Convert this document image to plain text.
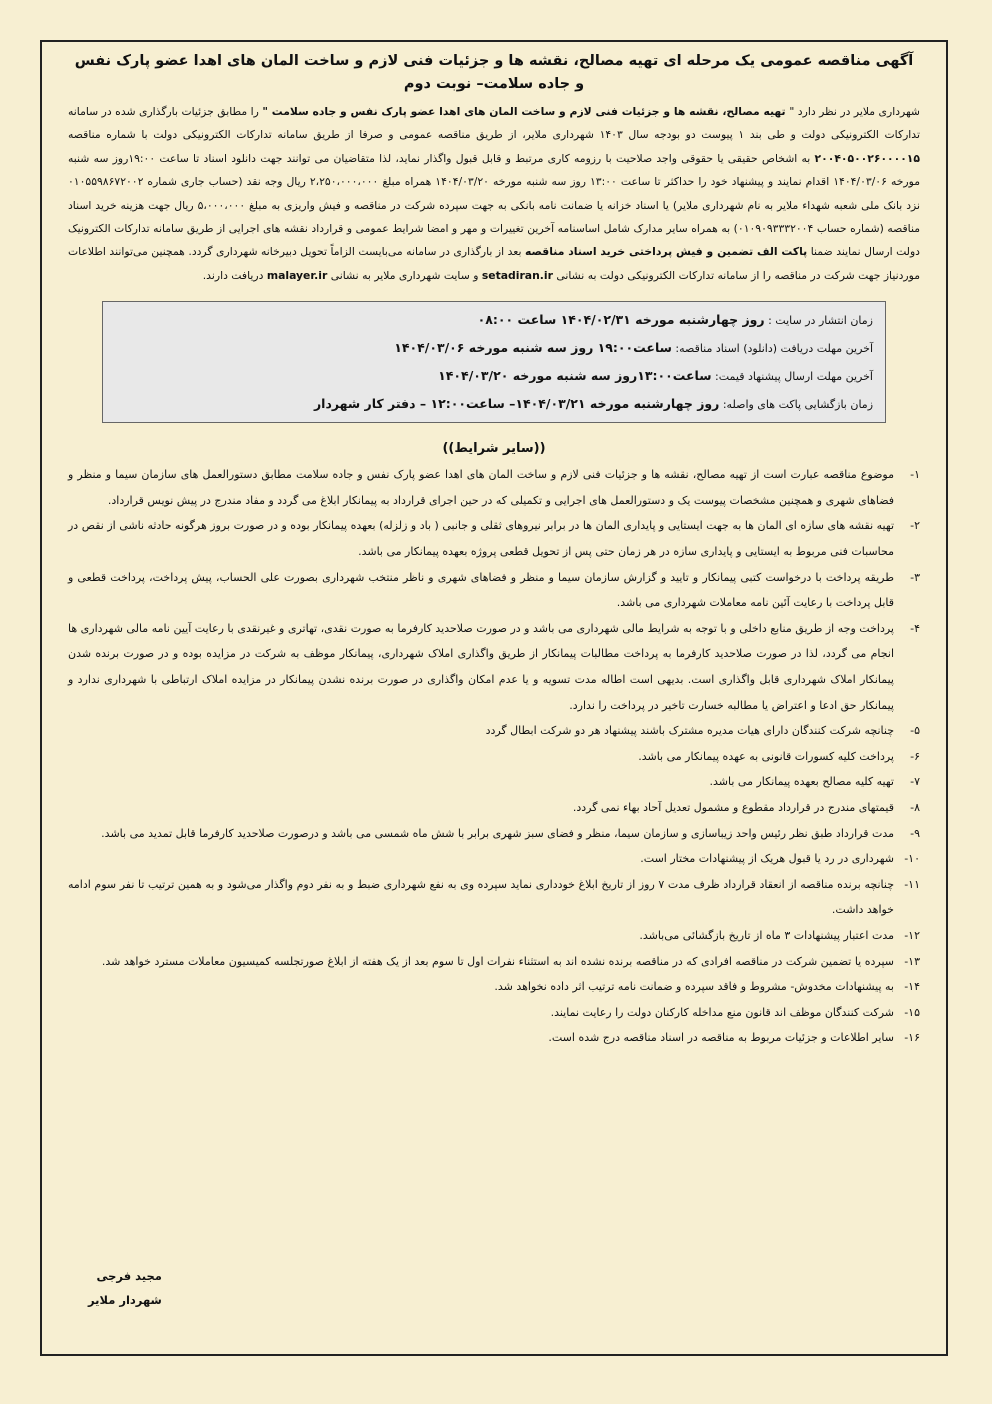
آگهی مناقصه عمومی یک مرحله ای تهیه مصالح، نقشه ها و جزئیات فنی لازم و ساخت المان های اهدا عضو پارک نفس و جاده سلامت– نوبت دوم

شهرداری ملایر در نظر دارد " تهیه مصالح، نقشه ها و جزئیات فنی لازم و ساخت المان های اهدا عضو پارک نفس و جاده سلامت " را مطابق جزئیات بارگذاری شده در سامانه تدارکات الکترونیکی دولت و طی بند ۱ پیوست دو بودجه سال ۱۴۰۳ شهرداری ملایر، از طریق مناقصه عمومی و صرفا از طریق سامانه تدارکات الکترونیکی دولت با شماره مناقصه ۲۰۰۴۰۵۰۰۲۶۰۰۰۰۱۵ به اشخاص حقیقی یا حقوقی واجد صلاحیت با رزومه کاری مرتبط و قابل قبول واگذار نماید، لذا متقاضیان می توانند جهت دانلود اسناد تا ساعت ۱۹:۰۰روز سه شنبه مورخه ۱۴۰۴/۰۳/۰۶ اقدام نمایند و پیشنهاد خود را حداکثر تا ساعت ۱۳:۰۰ روز سه شنبه مورخه ۱۴۰۴/۰۳/۲۰ همراه مبلغ ۲،۲۵۰،۰۰۰،۰۰۰ ریال وجه نقد (حساب جاری شماره ۰۱۰۵۵۹۸۶۷۲۰۰۲ نزد بانک ملی شعبه شهداء ملایر به نام شهرداری ملایر) یا اسناد خزانه یا ضمانت نامه بانکی به جهت سپرده شرکت در مناقصه و فیش واریزی به مبلغ ۵،۰۰۰،۰۰۰ ریال جهت هزینه خرید اسناد مناقصه (شماره حساب ۰۱۰۹۰۹۳۳۳۲۰۰۴) به همراه سایر مدارک شامل اساسنامه آخرین تغییرات و مهر و امضا شرایط عمومی و قرارداد نقشه های اجرایی از طریق سامانه تدارکات الکترونیک دولت ارسال نمایند ضمنا پاکت الف تضمین و فیش پرداختی خرید اسناد مناقصه بعد از بارگذاری در سامانه می‌بایست الزاماً تحویل دبیرخانه شهرداری گردد. همچنین می‌توانند اطلاعات موردنیاز جهت شرکت در مناقصه را از سامانه تدارکات الکترونیکی دولت به نشانی setadiran.ir و سایت شهرداری ملایر به نشانی malayer.ir دریافت دارند.

زمان انتشار در سایت : روز چهارشنبه مورخه ۱۴۰۴/۰۲/۳۱ ساعت ۰۸:۰۰
آخرین مهلت دریافت (دانلود) اسناد مناقصه: ساعت۱۹:۰۰ روز سه شنبه مورخه ۱۴۰۴/۰۳/۰۶
آخرین مهلت ارسال پیشنهاد قیمت: ساعت۱۳:۰۰روز سه شنبه مورخه ۱۴۰۴/۰۳/۲۰
زمان بازگشایی پاکت های واصله: روز چهارشنبه مورخه ۱۴۰۴/۰۳/۲۱– ساعت۱۲:۰۰ – دفتر کار شهردار
((سایر شرایط))
۱-
موضوع مناقصه عبارت است از تهیه مصالح، نقشه ها و جزئیات فنی لازم و ساخت المان های اهدا عضو پارک نفس و جاده سلامت مطابق دستورالعمل های سازمان سیما و منظر و فضاهای شهری و همچنین مشخصات پیوست یک و دستورالعمل های اجرایی و تکمیلی که در حین اجرای قرارداد به پیمانکار ابلاغ می گردد و مفاد مندرج در پیش نویس قرارداد.
۲-
تهیه نقشه های سازه ای المان ها به جهت ایستایی و پایداری المان ها در برابر نیروهای ثقلی و جانبی ( باد و زلزله) بعهده پیمانکار بوده و در صورت بروز هرگونه حادثه ناشی از نقص در محاسبات فنی مربوط به ایستایی و پایداری سازه در هر زمان حتی پس از تحویل قطعی پروژه بعهده پیمانکار می باشد.
۳-
طریقه پرداخت با درخواست کتبی پیمانکار و تایید و گزارش سازمان سیما و منظر و فضاهای شهری و ناظر منتخب شهرداری بصورت علی الحساب، پیش پرداخت، پرداخت قطعی و قابل پرداخت با رعایت آئین نامه معاملات شهرداری می باشد.
۴-
پرداخت وجه از طریق منابع داخلی و با توجه به شرایط مالی شهرداری می باشد و در صورت صلاحدید کارفرما به صورت نقدی، تهاتری و غیرنقدی با رعایت آیین نامه مالی شهرداری ها انجام می گردد، لذا در صورت صلاحدید کارفرما به پرداخت مطالبات پیمانکار از طریق واگذاری املاک شهرداری، پیمانکار موظف به شرکت در مزایده بوده و در صورت برنده شدن پیمانکار املاک شهرداری قابل واگذاری است. بدیهی است اطاله مدت تسویه و یا عدم امکان واگذاری در صورت برنده نشدن پیمانکار در مزایده املاک ارتباطی با شهرداری ندارد و پیمانکار حق ادعا و اعتراض یا مطالبه خسارت تاخیر در پرداخت را ندارد.
۵-
چنانچه شرکت کنندگان دارای هیات مدیره مشترک باشند پیشنهاد هر دو شرکت ابطال گردد
۶-
پرداخت کلیه کسورات قانونی به عهده پیمانکار می باشد.
۷-
تهیه کلیه مصالح بعهده پیمانکار می باشد.
۸-
قیمتهای مندرج در قرارداد مقطوع و مشمول تعدیل آحاد بهاء نمی گردد.
۹-
مدت قرارداد طبق نظر رئیس واحد زیباسازی و سازمان سیما، منظر و فضای سبز شهری برابر با شش ماه شمسی می باشد و درصورت صلاحدید کارفرما قابل تمدید می باشد.
۱۰-
شهرداری در رد یا قبول هریک از پیشنهادات مختار است.
۱۱-
چنانچه برنده مناقصه از انعقاد قرارداد ظرف مدت ۷ روز از تاریخ ابلاغ خودداری نماید سپرده وی به نفع شهرداری ضبط و به نفر دوم واگذار می‌شود و به همین ترتیب تا نفر سوم ادامه خواهد داشت.
۱۲-
مدت اعتبار پیشنهادات ۳ ماه از تاریخ بازگشائی می‌باشد.
۱۳-
سپرده یا تضمین شرکت در مناقصه افرادی که در مناقصه برنده نشده اند به استثناء نفرات اول تا سوم بعد از یک هفته از ابلاغ صورتجلسه کمیسیون معاملات مسترد خواهد شد.
۱۴-
به پیشنهادات مخدوش- مشروط و فاقد سپرده و ضمانت نامه ترتیب اثر داده نخواهد شد.
۱۵-
شرکت کنندگان موظف اند قانون منع مداخله کارکنان دولت را رعایت نمایند.
۱۶-
سایر اطلاعات و جزئیات مربوط به مناقصه در اسناد مناقصه درج شده است.
مجید فرجی
شهردار ملایر
